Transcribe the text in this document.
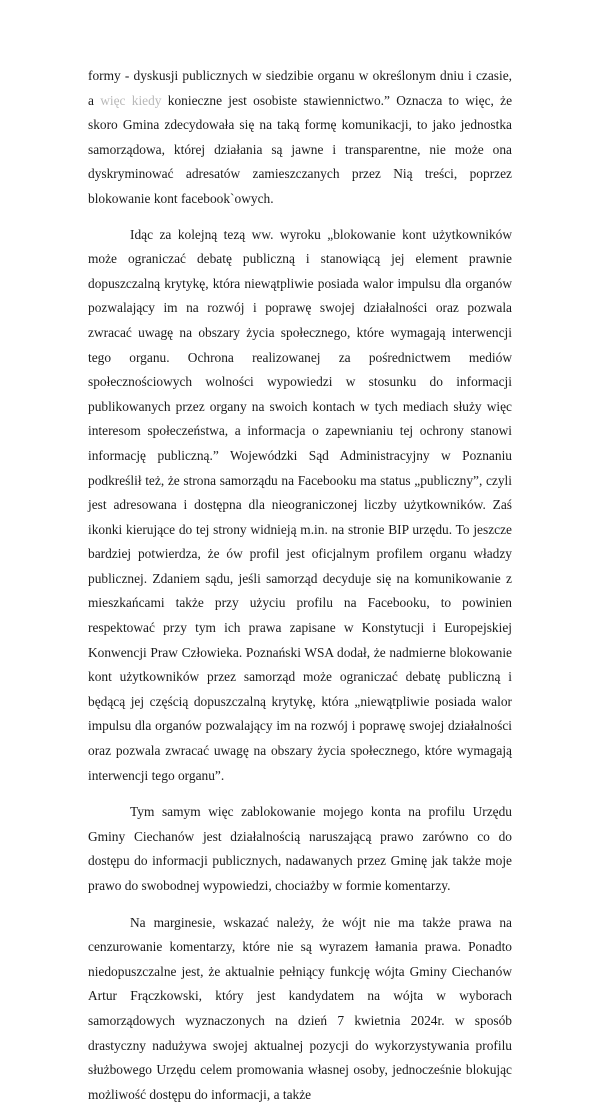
formy - dyskusji publicznych w siedzibie organu w określonym dniu i czasie, a więc kiedy konieczne jest osobiste stawiennictwo.” Oznacza to więc, że skoro Gmina zdecydowała się na taką formę komunikacji, to jako jednostka samorządowa, której działania są jawne i transparentne, nie może ona dyskryminować adresatów zamieszczanych przez Nią treści, poprzez blokowanie kont facebook`owych.

Idąc za kolejną tezą ww. wyroku „blokowanie kont użytkowników może ograniczać debatę publiczną i stanowiącą jej element prawnie dopuszczalną krytykę, która niewątpliwie posiada walor impulsu dla organów pozwalający im na rozwój i poprawę swojej działalności oraz pozwala zwracać uwagę na obszary życia społecznego, które wymagają interwencji tego organu. Ochrona realizowanej za pośrednictwem mediów społecznościowych wolności wypowiedzi w stosunku do informacji publikowanych przez organy na swoich kontach w tych mediach służy więc interesom społeczeństwa, a informacja o zapewnianiu tej ochrony stanowi informację publiczną.” Wojewódzki Sąd Administracyjny w Poznaniu podkreślił też, że strona samorządu na Facebooku ma status „publiczny”, czyli jest adresowana i dostępna dla nieograniczonej liczby użytkowników. Zaś ikonki kierujące do tej strony widnieją m.in. na stronie BIP urzędu. To jeszcze bardziej potwierdza, że ów profil jest oficjalnym profilem organu władzy publicznej. Zdaniem sądu, jeśli samorząd decyduje się na komunikowanie z mieszkańcami także przy użyciu profilu na Facebooku, to powinien respektować przy tym ich prawa zapisane w Konstytucji i Europejskiej Konwencji Praw Człowieka. Poznański WSA dodał, że nadmierne blokowanie kont użytkowników przez samorząd może ograniczać debatę publiczną i będącą jej częścią dopuszczalną krytykę, która „niewątpliwie posiada walor impulsu dla organów pozwalający im na rozwój i poprawę swojej działalności oraz pozwala zwracać uwagę na obszary życia społecznego, które wymagają interwencji tego organu”.

Tym samym więc zablokowanie mojego konta na profilu Urzędu Gminy Ciechanów jest działalnością naruszającą prawo zarówno co do dostępu do informacji publicznych, nadawanych przez Gminę jak także moje prawo do swobodnej wypowiedzi, chociażby w formie komentarzy.

Na marginesie, wskazać należy, że wójt nie ma także prawa na cenzurowanie komentarzy, które nie są wyrazem łamania prawa. Ponadto niedopuszczalne jest, że aktualnie pełniący funkcję wójta Gminy Ciechanów Artur Frączkowski, który jest kandydatem na wójta w wyborach samorządowych wyznaczonych na dzień 7 kwietnia 2024r. w sposób drastyczny nadużywa swojej aktualnej pozycji do wykorzystywania profilu służbowego Urzędu celem promowania własnej osoby, jednocześnie blokując możliwość dostępu do informacji, a także
